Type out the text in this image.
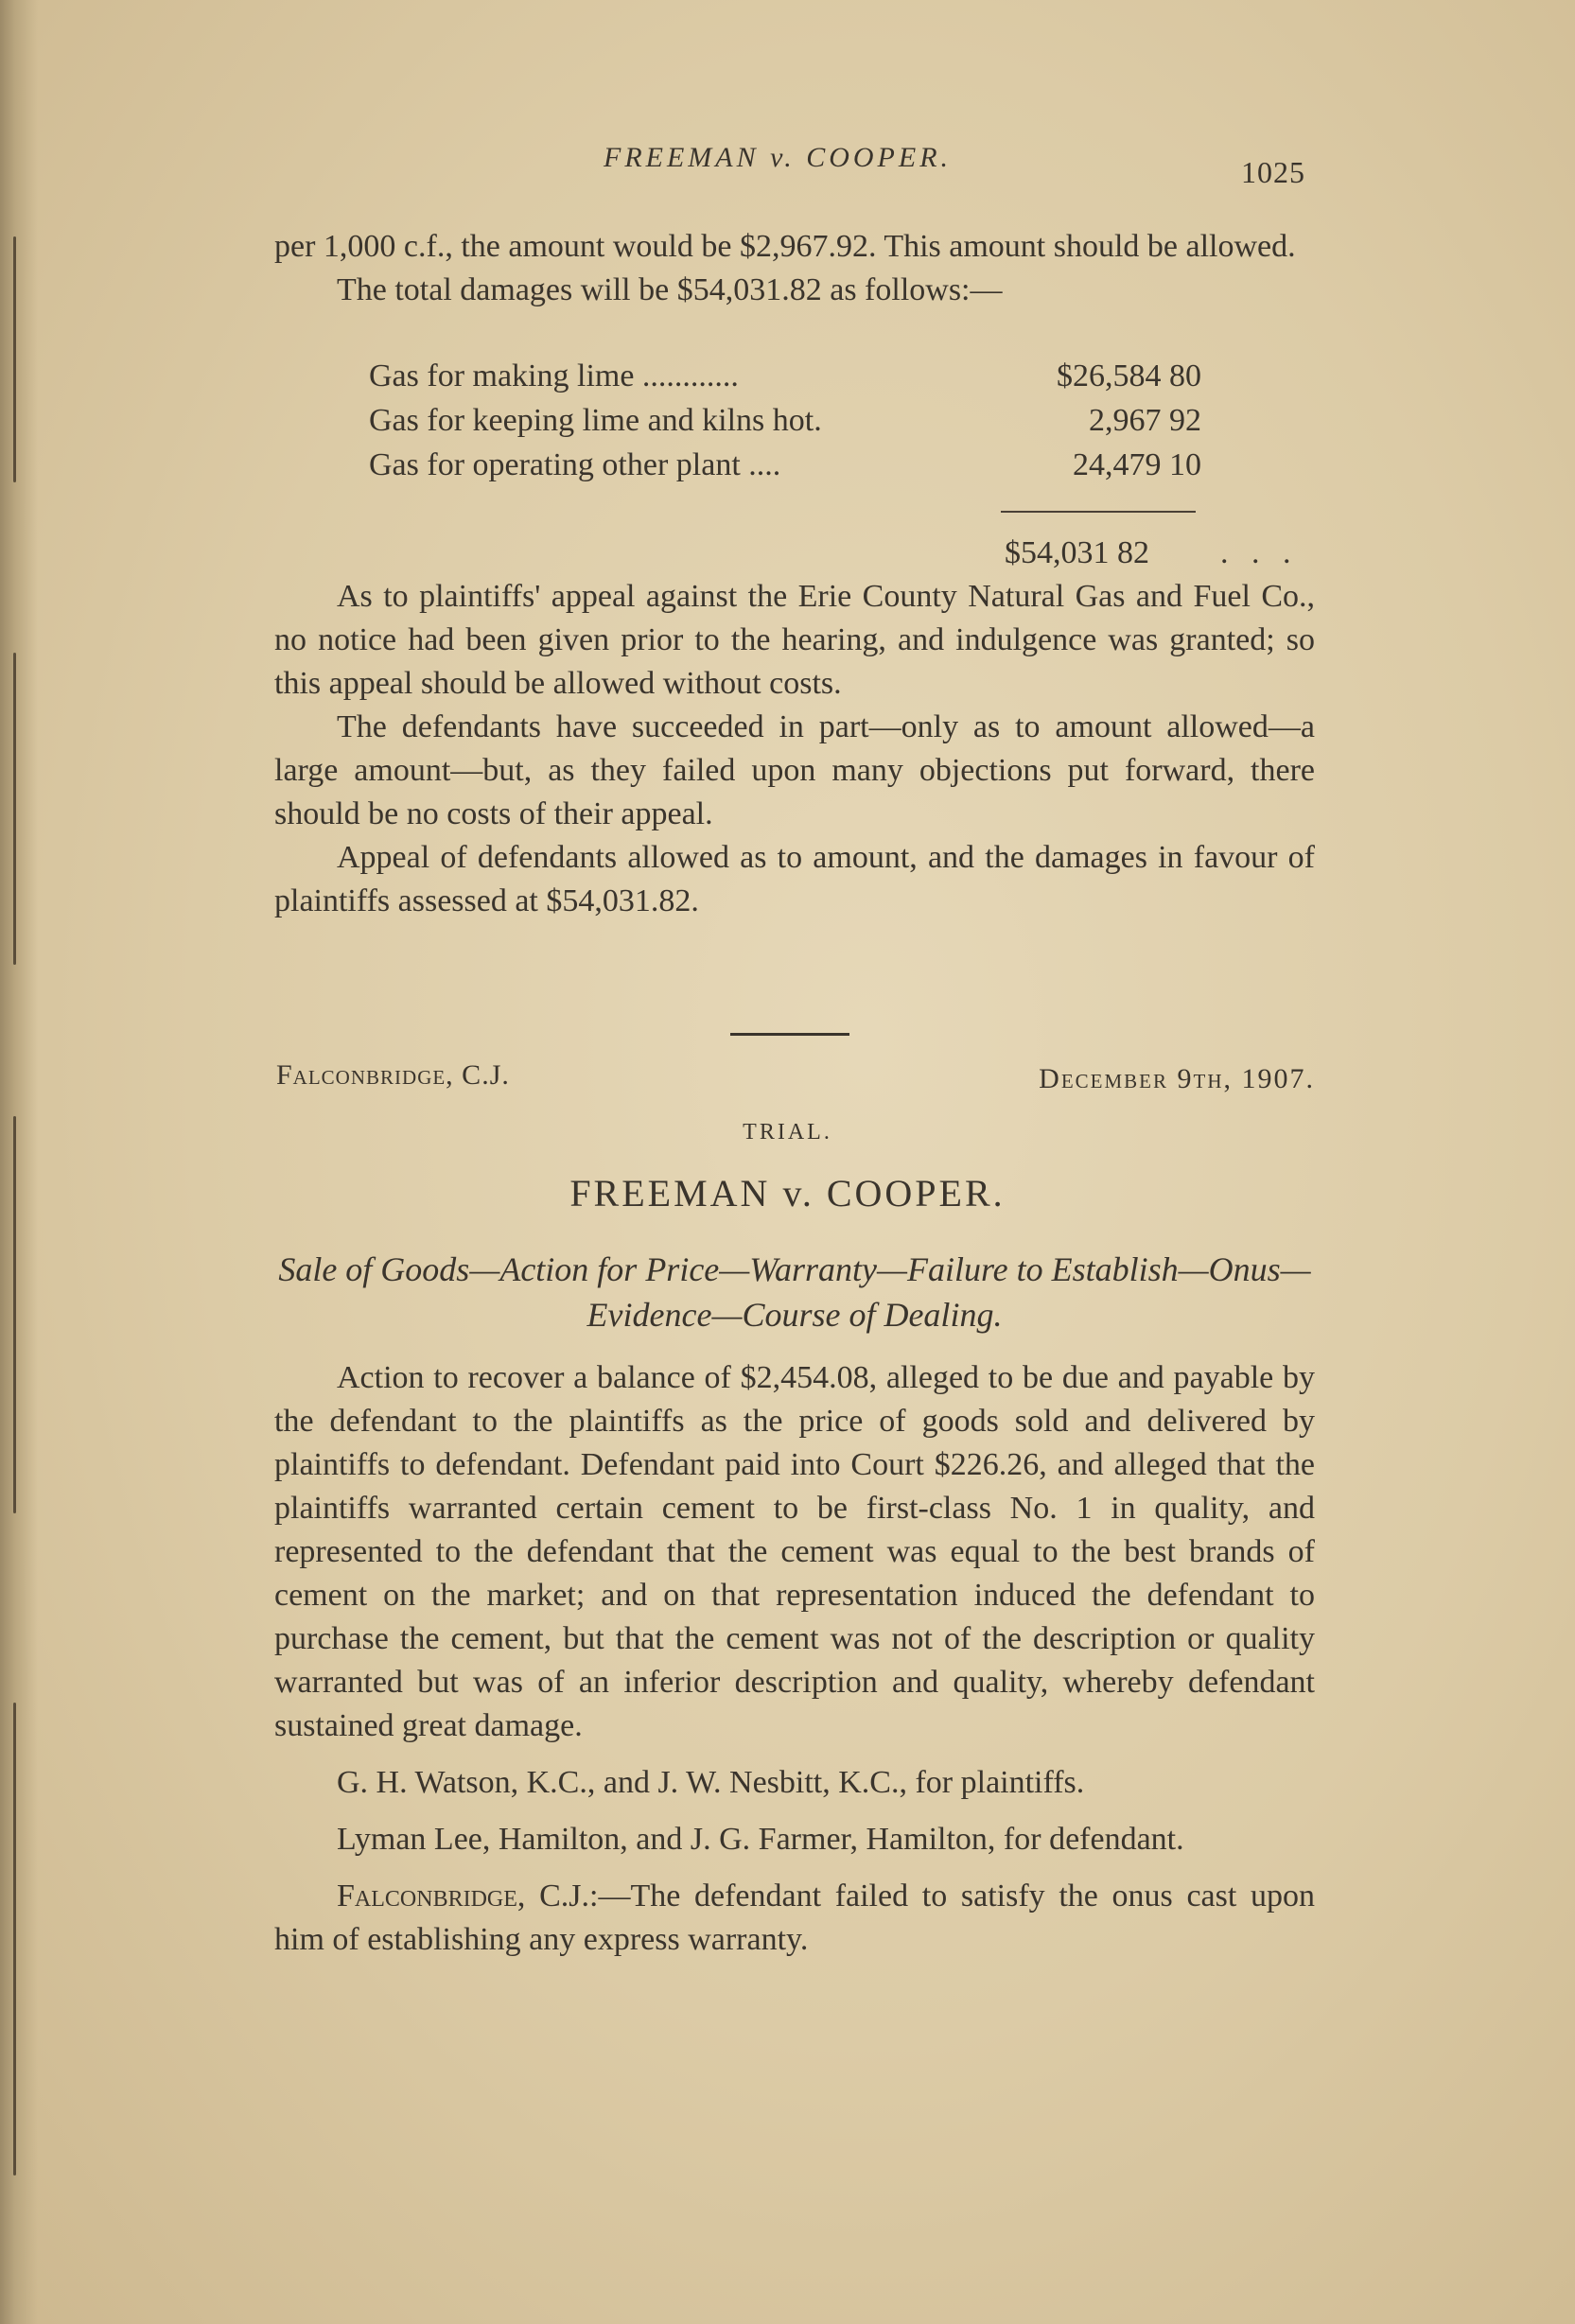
FREEMAN v. COOPER.	1025

per 1,000 c.f., the amount would be $2,967.92. This amount should be allowed.

The total damages will be $54,031.82 as follows:—

Gas for making lime ............	$26,584 80
Gas for keeping lime and kilns hot.	2,967 92
Gas for operating other plant ....	24,479 10
$54,031 82 . . .

As to plaintiffs' appeal against the Erie County Natural Gas and Fuel Co., no notice had been given prior to the hearing, and indulgence was granted; so this appeal should be allowed without costs.

The defendants have succeeded in part—only as to amount allowed—a large amount—but, as they failed upon many objections put forward, there should be no costs of their appeal.

Appeal of defendants allowed as to amount, and the damages in favour of plaintiffs assessed at $54,031.82.

Falconbridge, C.J.	December 9th, 1907.
TRIAL.
FREEMAN v. COOPER.
Sale of Goods—Action for Price—Warranty—Failure to Establish—Onus—Evidence—Course of Dealing.

Action to recover a balance of $2,454.08, alleged to be due and payable by the defendant to the plaintiffs as the price of goods sold and delivered by plaintiffs to defendant. Defendant paid into Court $226.26, and alleged that the plaintiffs warranted certain cement to be first-class No. 1 in quality, and represented to the defendant that the cement was equal to the best brands of cement on the market; and on that representation induced the defendant to purchase the cement, but that the cement was not of the description or quality warranted but was of an inferior description and quality, whereby defendant sustained great damage.

G. H. Watson, K.C., and J. W. Nesbitt, K.C., for plaintiffs.

Lyman Lee, Hamilton, and J. G. Farmer, Hamilton, for defendant.

Falconbridge, C.J.:—The defendant failed to satisfy the onus cast upon him of establishing any express warranty.
